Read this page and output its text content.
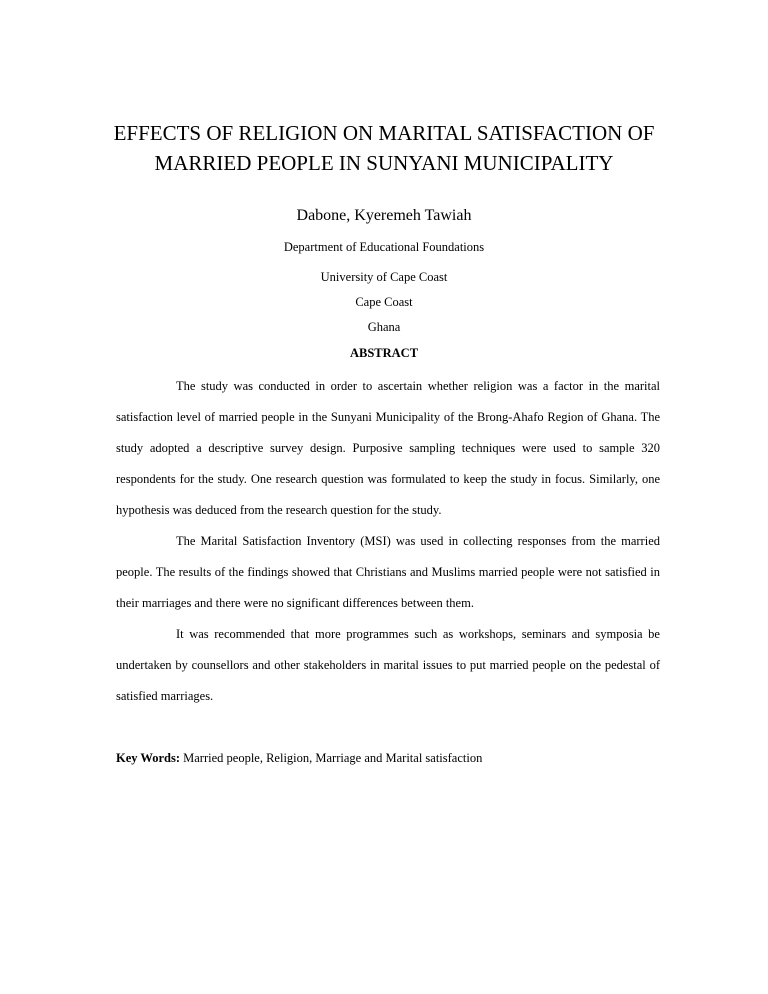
EFFECTS OF RELIGION ON MARITAL SATISFACTION OF
MARRIED PEOPLE IN SUNYANI MUNICIPALITY
Dabone, Kyeremeh Tawiah
Department of Educational Foundations
University of Cape Coast
Cape Coast
Ghana
ABSTRACT
The study was conducted in order to ascertain whether religion was a factor in the marital
satisfaction level of married people in the Sunyani Municipality of the Brong-Ahafo Region of Ghana. The
study adopted a descriptive survey design. Purposive sampling techniques were used to sample 320
respondents for the study. One research question was formulated to keep the study in focus. Similarly, one
hypothesis was deduced from the research question for the study.
The Marital Satisfaction Inventory (MSI) was used in collecting responses from the married
people. The results of the findings showed that Christians and Muslims married people were not satisfied in
their marriages and there were no significant differences between them.
It was recommended that more programmes such as workshops, seminars and symposia be
undertaken by counsellors and other stakeholders in marital issues to put married people on the pedestal of
satisfied marriages.
Key Words: Married people, Religion, Marriage and Marital satisfaction
